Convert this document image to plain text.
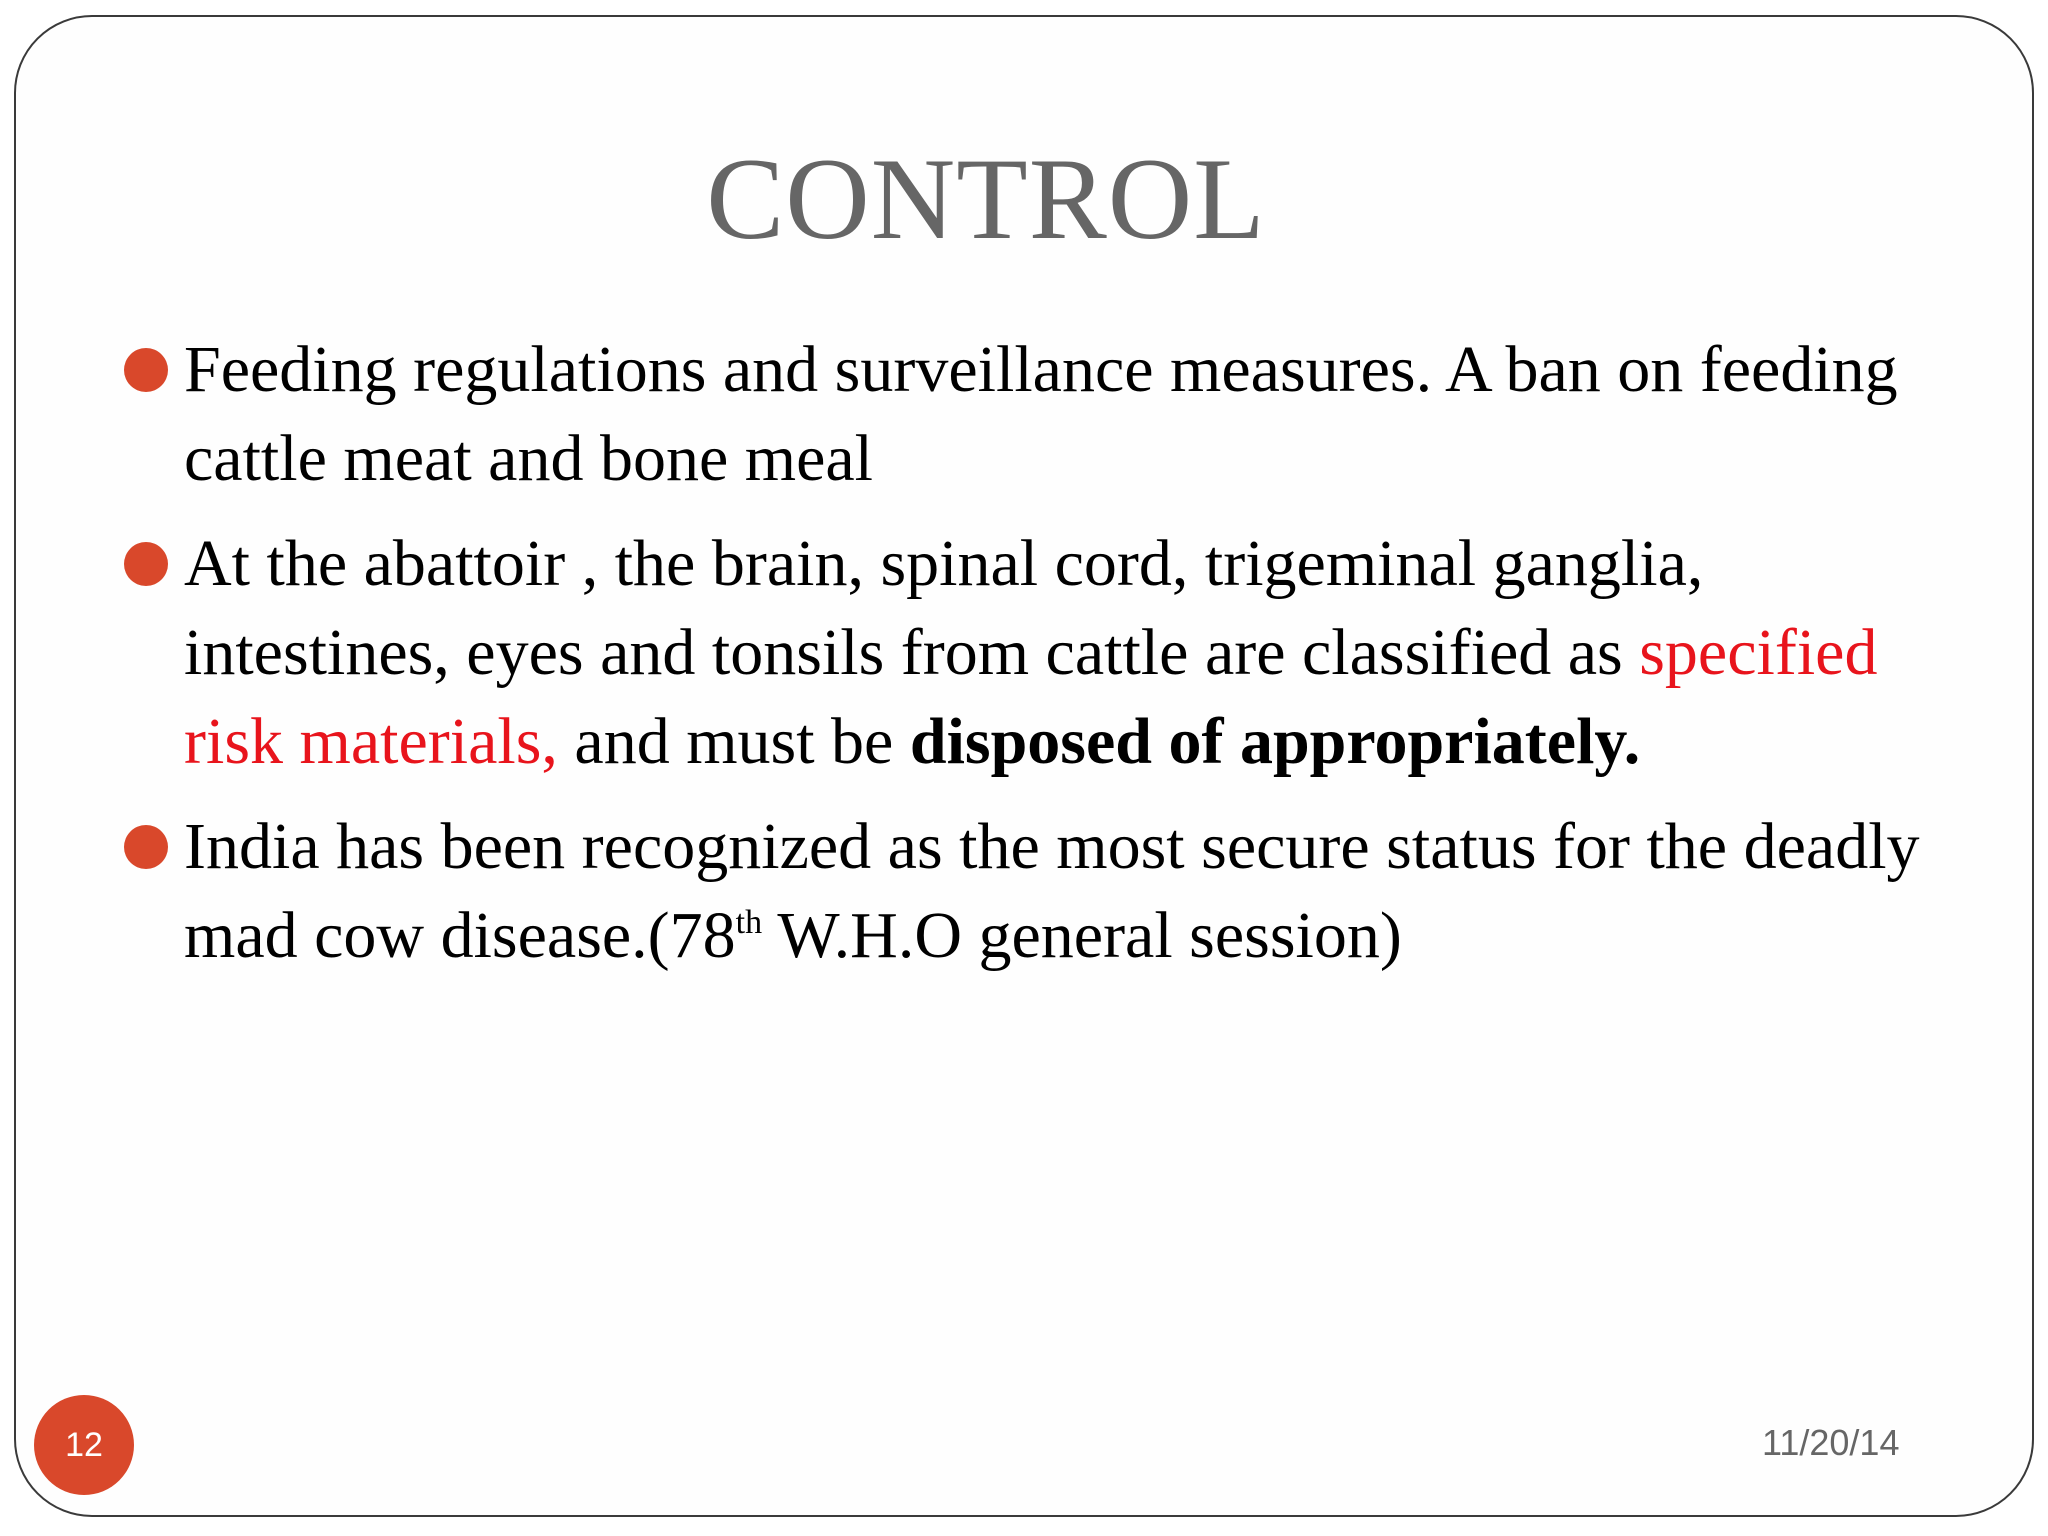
CONTROL
Feeding regulations and surveillance measures. A ban on feeding cattle meat and bone meal
At the abattoir , the brain, spinal cord, trigeminal ganglia, intestines, eyes and tonsils from cattle are classified as specified risk materials, and must be disposed of appropriately.
India has been recognized as the most secure status for the deadly mad cow disease.(78th W.H.O general session)
12	11/20/14
